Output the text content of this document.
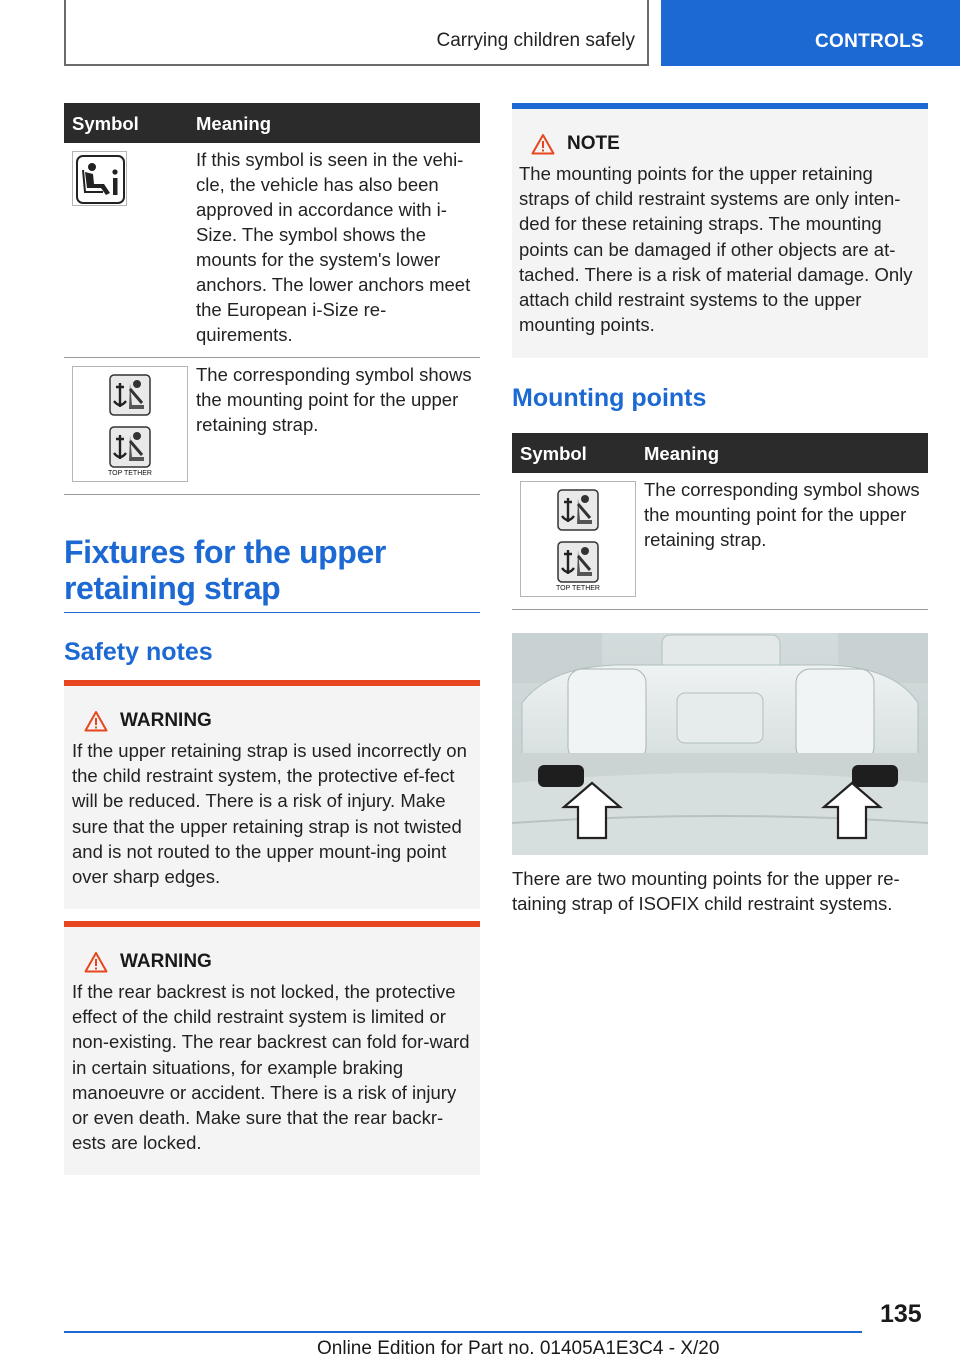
Carrying children safely	CONTROLS
Symbol	Meaning

	If this symbol is seen in the vehi-cle, the vehicle has also been approved in accordance with i-Size. The symbol shows the mounts for the system's lower anchors. The lower anchors meet the European i-Size re-quirements.

TOP TETHER	The corresponding symbol shows the mounting point for the upper retaining strap.
Fixtures for the upper retaining strap
Safety notes
WARNING
If the upper retaining strap is used incorrectly on the child restraint system, the protective ef-fect will be reduced. There is a risk of injury. Make sure that the upper retaining strap is not twisted and is not routed to the upper mount-ing point over sharp edges.
WARNING
If the rear backrest is not locked, the protective effect of the child restraint system is limited or non-existing. The rear backrest can fold for-ward in certain situations, for example braking manoeuvre or accident. There is a risk of injury or even death. Make sure that the rear backr-ests are locked.
NOTE
The mounting points for the upper retaining straps of child restraint systems are only inten-ded for these retaining straps. The mounting points can be damaged if other objects are at-tached. There is a risk of material damage. Only attach child restraint systems to the upper mounting points.
Mounting points
Symbol	Meaning

TOP TETHER	The corresponding symbol shows the mounting point for the upper retaining strap.
There are two mounting points for the upper re-taining strap of ISOFIX child restraint systems.
135
Online Edition for Part no. 01405A1E3C4 - X/20
